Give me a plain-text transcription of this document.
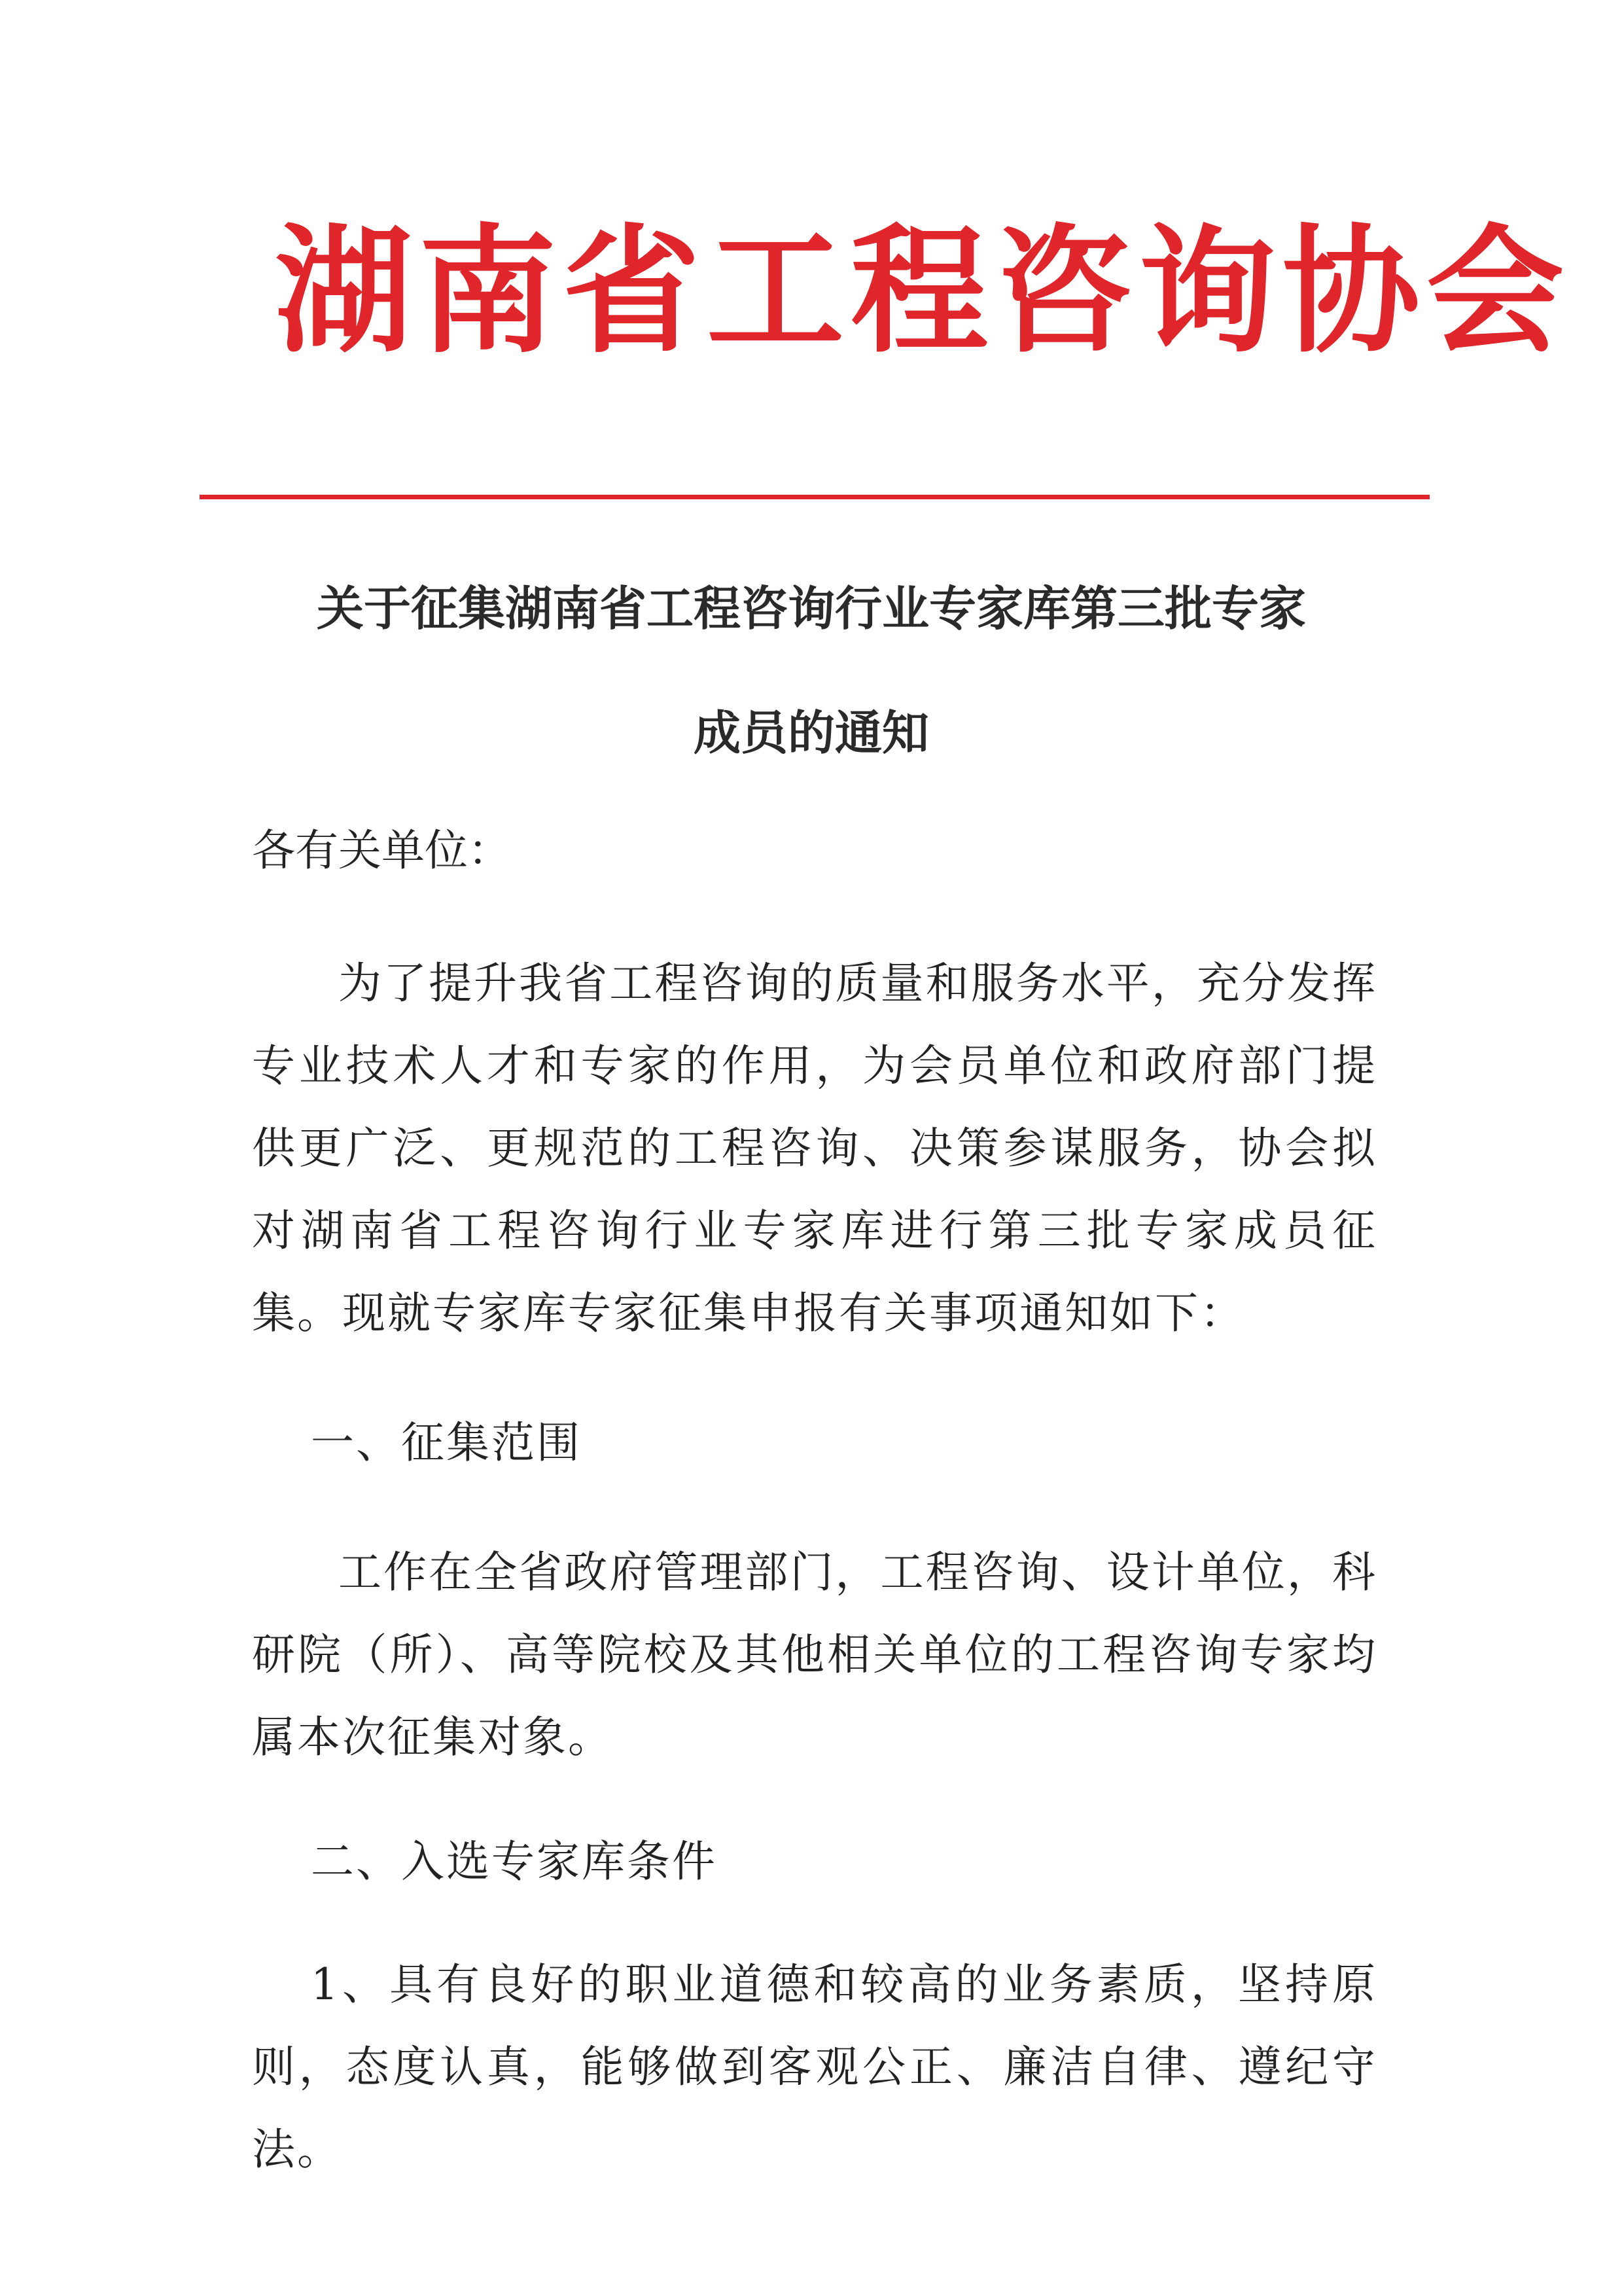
湖南省工程咨询协会
关于征集湖南省工程咨询行业专家库第三批专家
成员的通知
各有关单位：
为了提升我省工程咨询的质量和服务水平，充分发挥专业技术人才和专家的作用，为会员单位和政府部门提供更广泛、更规范的工程咨询、决策参谋服务，协会拟对湖南省工程咨询行业专家库进行第三批专家成员征集。现就专家库专家征集申报有关事项通知如下：
一、征集范围
工作在全省政府管理部门，工程咨询、设计单位，科研院（所）、高等院校及其他相关单位的工程咨询专家均属本次征集对象。
二、入选专家库条件
1、具有良好的职业道德和较高的业务素质，坚持原则，态度认真，能够做到客观公正、廉洁自律、遵纪守法。
